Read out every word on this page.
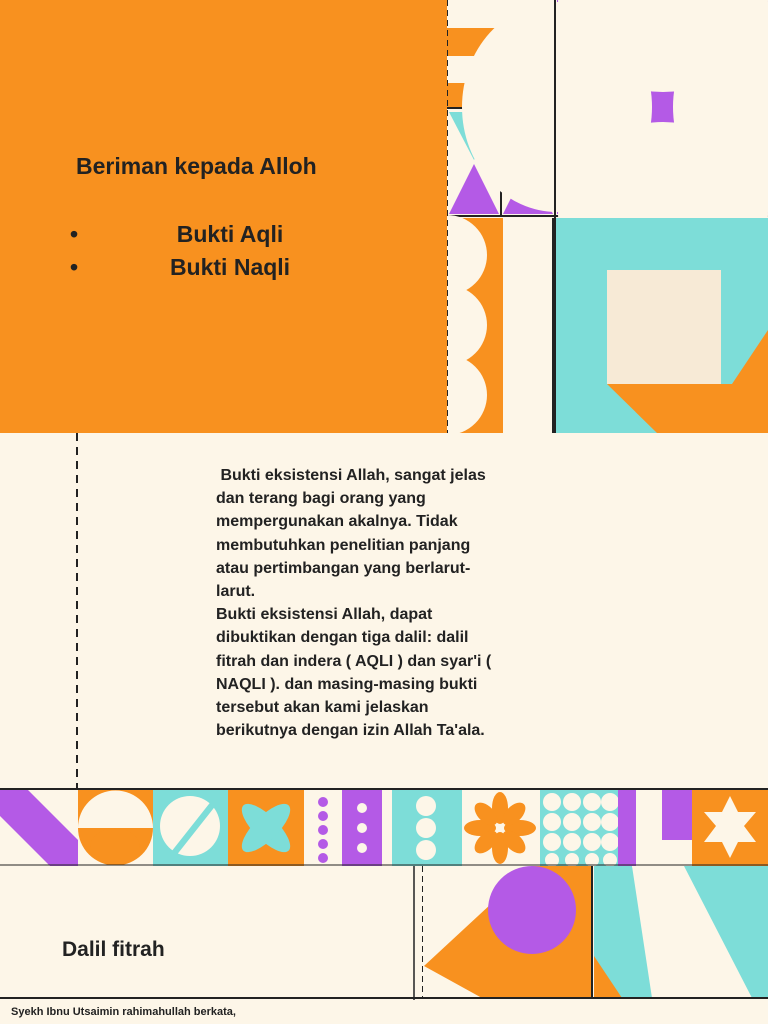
Beriman kepada Alloh
•	Bukti Aqli
•	Bukti Naqli
Bukti eksistensi Allah, sangat jelas
dan terang bagi orang yang
mempergunakan akalnya. Tidak
membutuhkan penelitian panjang
atau pertimbangan yang berlarut-
larut.
Bukti eksistensi Allah, dapat
dibuktikan dengan tiga dalil: dalil
fitrah dan indera ( AQLI ) dan syar'i (
NAQLI ). dan masing-masing bukti
tersebut akan kami jelaskan
berikutnya dengan izin Allah Ta'ala.
Dalil fitrah
Syekh Ibnu Utsaimin rahimahullah berkata,
